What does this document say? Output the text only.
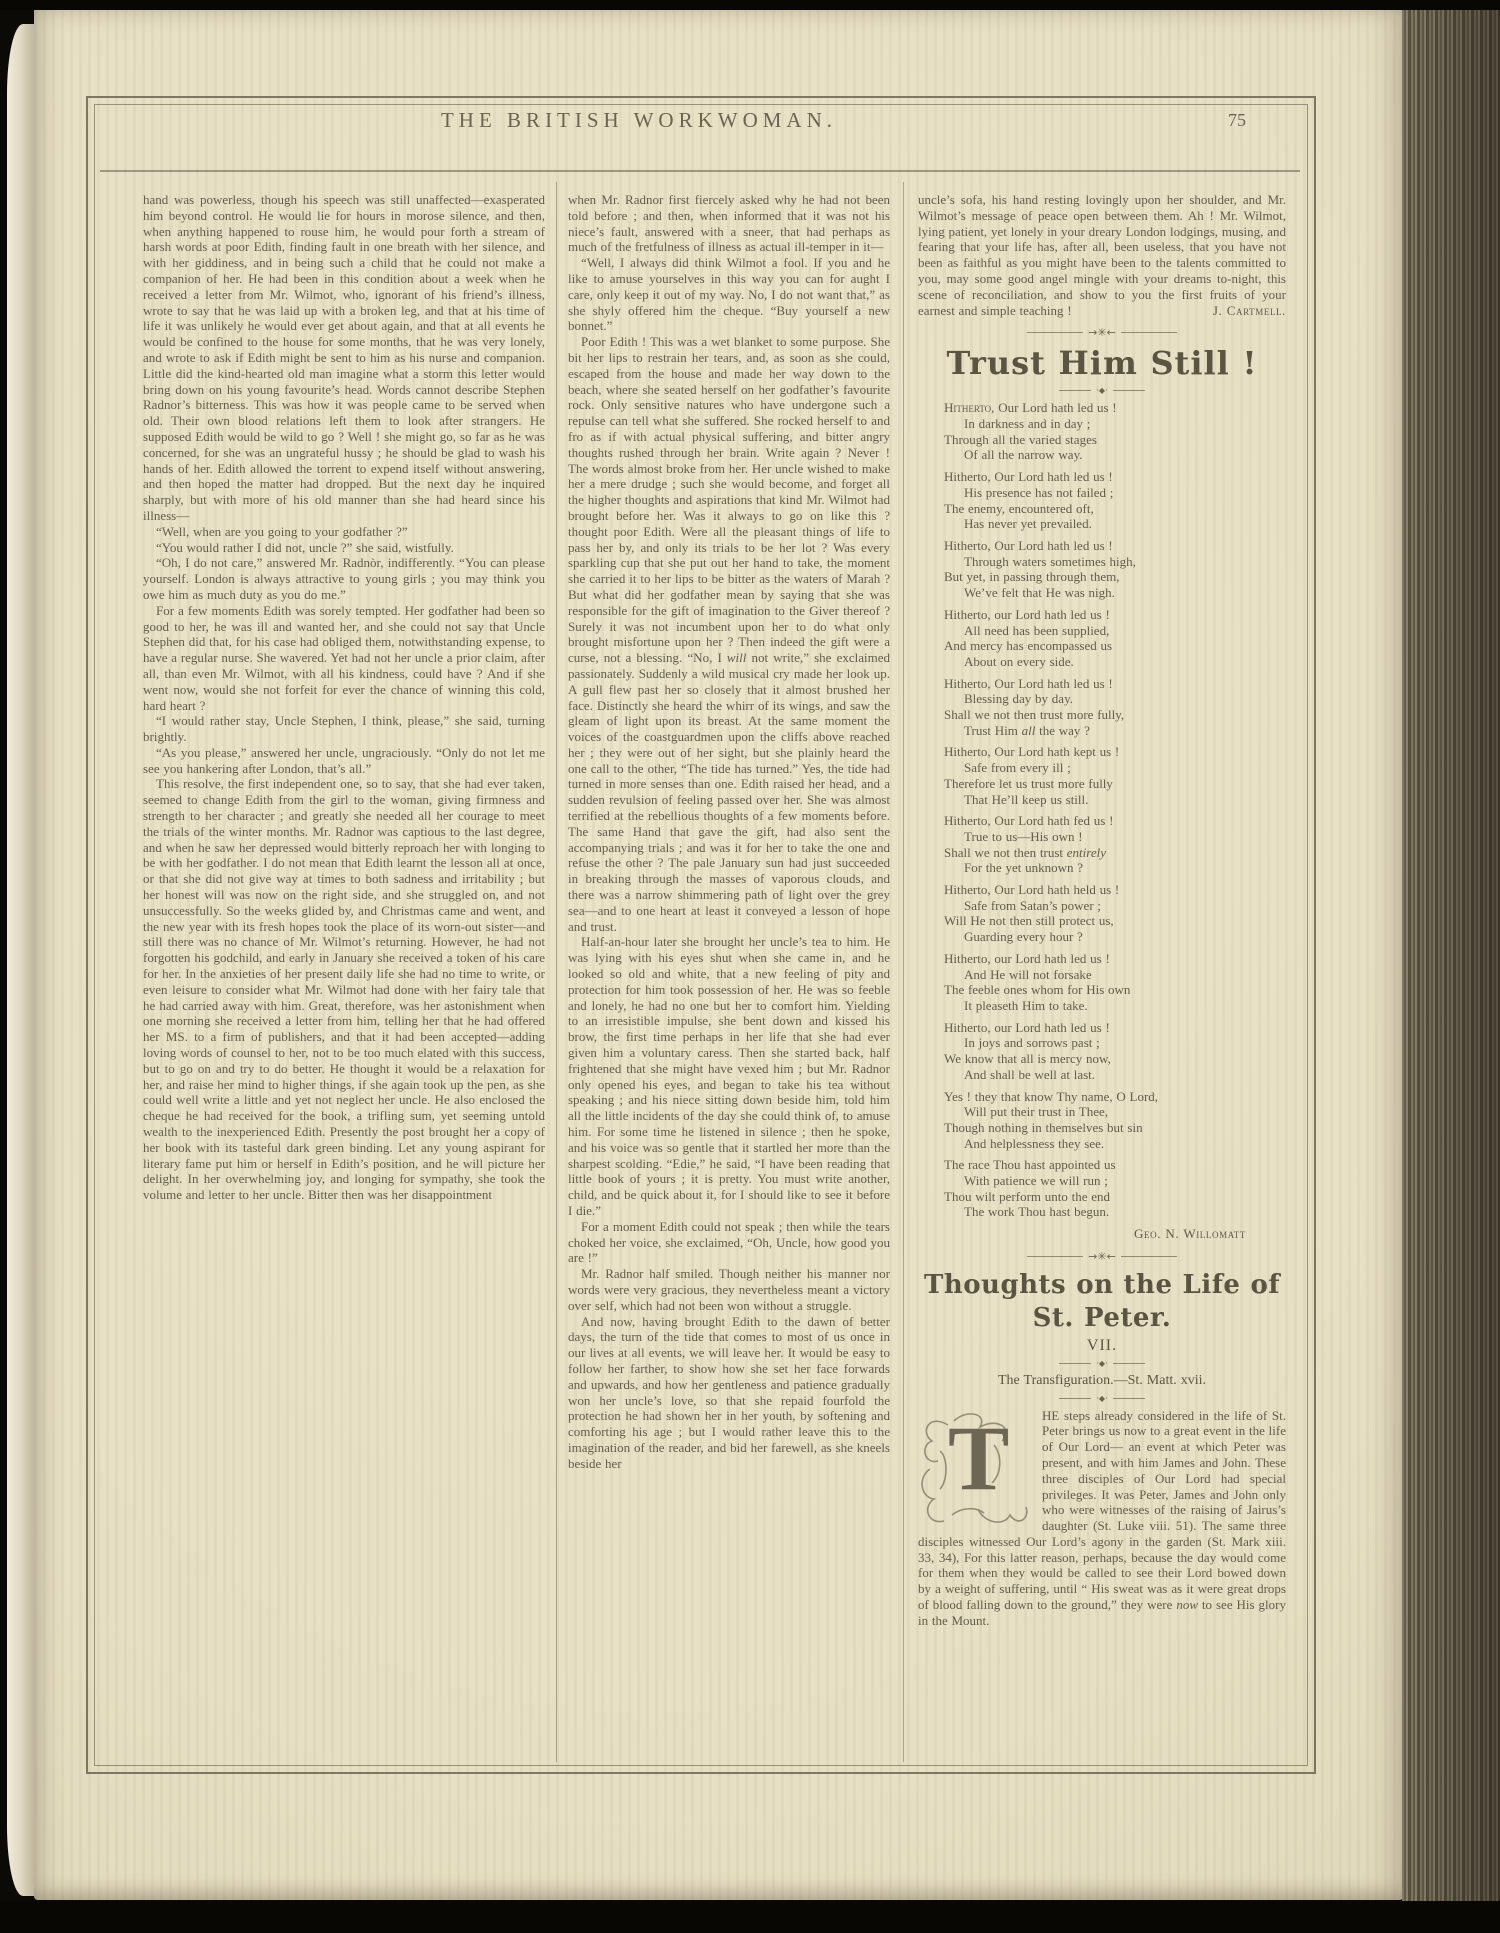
THE BRITISH WORKWOMAN.	75

hand was powerless, though his speech was still unaffected—exasperated him beyond control. He would lie for hours in morose silence, and then, when anything happened to rouse him, he would pour forth a stream of harsh words at poor Edith, finding fault in one breath with her silence, and with her giddiness, and in being such a child that he could not make a companion of her. He had been in this condition about a week when he received a letter from Mr. Wilmot, who, ignorant of his friend’s illness, wrote to say that he was laid up with a broken leg, and that at his time of life it was unlikely he would ever get about again, and that at all events he would be confined to the house for some months, that he was very lonely, and wrote to ask if Edith might be sent to him as his nurse and companion. Little did the kind-hearted old man imagine what a storm this letter would bring down on his young favourite’s head. Words cannot describe Stephen Radnor’s bitterness. This was how it was people came to be served when old. Their own blood relations left them to look after strangers. He supposed Edith would be wild to go ? Well ! she might go, so far as he was concerned, for she was an ungrateful hussy ; he should be glad to wash his hands of her. Edith allowed the torrent to expend itself without answering, and then hoped the matter had dropped. But the next day he inquired sharply, but with more of his old manner than she had heard since his illness—

“Well, when are you going to your godfather ?”

“You would rather I did not, uncle ?” she said, wistfully.

“Oh, I do not care,” answered Mr. Radnòr, indifferently. “You can please yourself. London is always attractive to young girls ; you may think you owe him as much duty as you do me.”

For a few moments Edith was sorely tempted. Her godfather had been so good to her, he was ill and wanted her, and she could not say that Uncle Stephen did that, for his case had obliged them, notwithstanding expense, to have a regular nurse. She wavered. Yet had not her uncle a prior claim, after all, than even Mr. Wilmot, with all his kindness, could have ? And if she went now, would she not forfeit for ever the chance of winning this cold, hard heart ?

“I would rather stay, Uncle Stephen, I think, please,” she said, turning brightly.

“As you please,” answered her uncle, ungraciously. “Only do not let me see you hankering after London, that’s all.”

This resolve, the first independent one, so to say, that she had ever taken, seemed to change Edith from the girl to the woman, giving firmness and strength to her character ; and greatly she needed all her courage to meet the trials of the winter months. Mr. Radnor was captious to the last degree, and when he saw her depressed would bitterly reproach her with longing to be with her godfather. I do not mean that Edith learnt the lesson all at once, or that she did not give way at times to both sadness and irritability ; but her honest will was now on the right side, and she struggled on, and not unsuccessfully. So the weeks glided by, and Christmas came and went, and the new year with its fresh hopes took the place of its worn-out sister—and still there was no chance of Mr. Wilmot’s returning. However, he had not forgotten his godchild, and early in January she received a token of his care for her. In the anxieties of her present daily life she had no time to write, or even leisure to consider what Mr. Wilmot had done with her fairy tale that he had carried away with him. Great, therefore, was her astonishment when one morning she received a letter from him, telling her that he had offered her MS. to a firm of publishers, and that it had been accepted—adding loving words of counsel to her, not to be too much elated with this success, but to go on and try to do better. He thought it would be a relaxation for her, and raise her mind to higher things, if she again took up the pen, as she could well write a little and yet not neglect her uncle. He also enclosed the cheque he had received for the book, a trifling sum, yet seeming untold wealth to the inexperienced Edith. Presently the post brought her a copy of her book with its tasteful dark green binding. Let any young aspirant for literary fame put him or herself in Edith’s position, and he will picture her delight. In her overwhelming joy, and longing for sympathy, she took the volume and letter to her uncle. Bitter then was her disappointment

when Mr. Radnor first fiercely asked why he had not been told before ; and then, when informed that it was not his niece’s fault, answered with a sneer, that had perhaps as much of the fretfulness of illness as actual ill-temper in it—

“Well, I always did think Wilmot a fool. If you and he like to amuse yourselves in this way you can for aught I care, only keep it out of my way. No, I do not want that,” as she shyly offered him the cheque. “Buy yourself a new bonnet.”

Poor Edith ! This was a wet blanket to some purpose. She bit her lips to restrain her tears, and, as soon as she could, escaped from the house and made her way down to the beach, where she seated herself on her godfather’s favourite rock. Only sensitive natures who have undergone such a repulse can tell what she suffered. She rocked herself to and fro as if with actual physical suffering, and bitter angry thoughts rushed through her brain. Write again ? Never ! The words almost broke from her. Her uncle wished to make her a mere drudge ; such she would become, and forget all the higher thoughts and aspirations that kind Mr. Wilmot had brought before her. Was it always to go on like this ? thought poor Edith. Were all the pleasant things of life to pass her by, and only its trials to be her lot ? Was every sparkling cup that she put out her hand to take, the moment she carried it to her lips to be bitter as the waters of Marah ? But what did her godfather mean by saying that she was responsible for the gift of imagination to the Giver thereof ? Surely it was not incumbent upon her to do what only brought misfortune upon her ? Then indeed the gift were a curse, not a blessing. “No, I will not write,” she exclaimed passionately. Suddenly a wild musical cry made her look up. A gull flew past her so closely that it almost brushed her face. Distinctly she heard the whirr of its wings, and saw the gleam of light upon its breast. At the same moment the voices of the coastguardmen upon the cliffs above reached her ; they were out of her sight, but she plainly heard the one call to the other, “The tide has turned.” Yes, the tide had turned in more senses than one. Edith raised her head, and a sudden revulsion of feeling passed over her. She was almost terrified at the rebellious thoughts of a few moments before. The same Hand that gave the gift, had also sent the accompanying trials ; and was it for her to take the one and refuse the other ? The pale January sun had just succeeded in breaking through the masses of vaporous clouds, and there was a narrow shimmering path of light over the grey sea—and to one heart at least it conveyed a lesson of hope and trust.

Half-an-hour later she brought her uncle’s tea to him. He was lying with his eyes shut when she came in, and he looked so old and white, that a new feeling of pity and protection for him took possession of her. He was so feeble and lonely, he had no one but her to comfort him. Yielding to an irresistible impulse, she bent down and kissed his brow, the first time perhaps in her life that she had ever given him a voluntary caress. Then she started back, half frightened that she might have vexed him ; but Mr. Radnor only opened his eyes, and began to take his tea without speaking ; and his niece sitting down beside him, told him all the little incidents of the day she could think of, to amuse him. For some time he listened in silence ; then he spoke, and his voice was so gentle that it startled her more than the sharpest scolding. “Edie,” he said, “I have been reading that little book of yours ; it is pretty. You must write another, child, and be quick about it, for I should like to see it before I die.”

For a moment Edith could not speak ; then while the tears choked her voice, she exclaimed, “Oh, Uncle, how good you are !”

Mr. Radnor half smiled. Though neither his manner nor words were very gracious, they nevertheless meant a victory over self, which had not been won without a struggle.

And now, having brought Edith to the dawn of better days, the turn of the tide that comes to most of us once in our lives at all events, we will leave her. It would be easy to follow her farther, to show how she set her face forwards and upwards, and how her gentleness and patience gradually won her uncle’s love, so that she repaid fourfold the protection he had shown her in her youth, by softening and comforting his age ; but I would rather leave this to the imagination of the reader, and bid her farewell, as she kneels beside her

uncle’s sofa, his hand resting lovingly upon her shoulder, and Mr. Wilmot’s message of peace open between them. Ah ! Mr. Wilmot, lying patient, yet lonely in your dreary London lodgings, musing, and fearing that your life has, after all, been useless, that you have not been as faithful as you might have been to the talents committed to you, may some good angel mingle with your dreams to-night, this scene of reconciliation, and show to you the first fruits of your earnest and simple teaching !	J. Cartmell.
→✳←
Trust Him Still !
·◆·

Hitherto, Our Lord hath led us !

In darkness and in day ;

Through all the varied stages

Of all the narrow way.

Hitherto, Our Lord hath led us !

His presence has not failed ;

The enemy, encountered oft,

Has never yet prevailed.

Hitherto, Our Lord hath led us !

Through waters sometimes high,

But yet, in passing through them,

We’ve felt that He was nigh.

Hitherto, our Lord hath led us !

All need has been supplied,

And mercy has encompassed us

About on every side.

Hitherto, Our Lord hath led us !

Blessing day by day.

Shall we not then trust more fully,

Trust Him all the way ?

Hitherto, Our Lord hath kept us !

Safe from every ill ;

Therefore let us trust more fully

That He’ll keep us still.

Hitherto, Our Lord hath fed us !

True to us—His own !

Shall we not then trust entirely

For the yet unknown ?

Hitherto, Our Lord hath held us !

Safe from Satan’s power ;

Will He not then still protect us,

Guarding every hour ?

Hitherto, our Lord hath led us !

And He will not forsake

The feeble ones whom for His own

It pleaseth Him to take.

Hitherto, our Lord hath led us !

In joys and sorrows past ;

We know that all is mercy now,

And shall be well at last.

Yes ! they that know Thy name, O Lord,

Will put their trust in Thee,

Though nothing in themselves but sin

And helplessness they see.

The race Thou hast appointed us

With patience we will run ;

Thou wilt perform unto the end

The work Thou hast begun.

Geo. N. Willomatt
→✳←
Thoughts on the Life of
St. Peter.
VII.
·◆·
The Transfiguration.—St. Matt. xvii.
·◆·

T	HE steps already considered in the life of St. Peter brings us now to a great event in the life of Our Lord— an event at which Peter was present, and with him James and John. These three disciples of Our Lord had special privileges. It was Peter, James and John only who were witnesses of the raising of Jairus’s daughter (St. Luke viii. 51). The same three disciples witnessed Our Lord’s agony in the garden (St. Mark xiii. 33, 34), For this latter reason, perhaps, because the day would come for them when they would be called to see their Lord bowed down by a weight of suffering, until “ His sweat was as it were great drops of blood falling down to the ground,” they were now to see His glory in the Mount.
